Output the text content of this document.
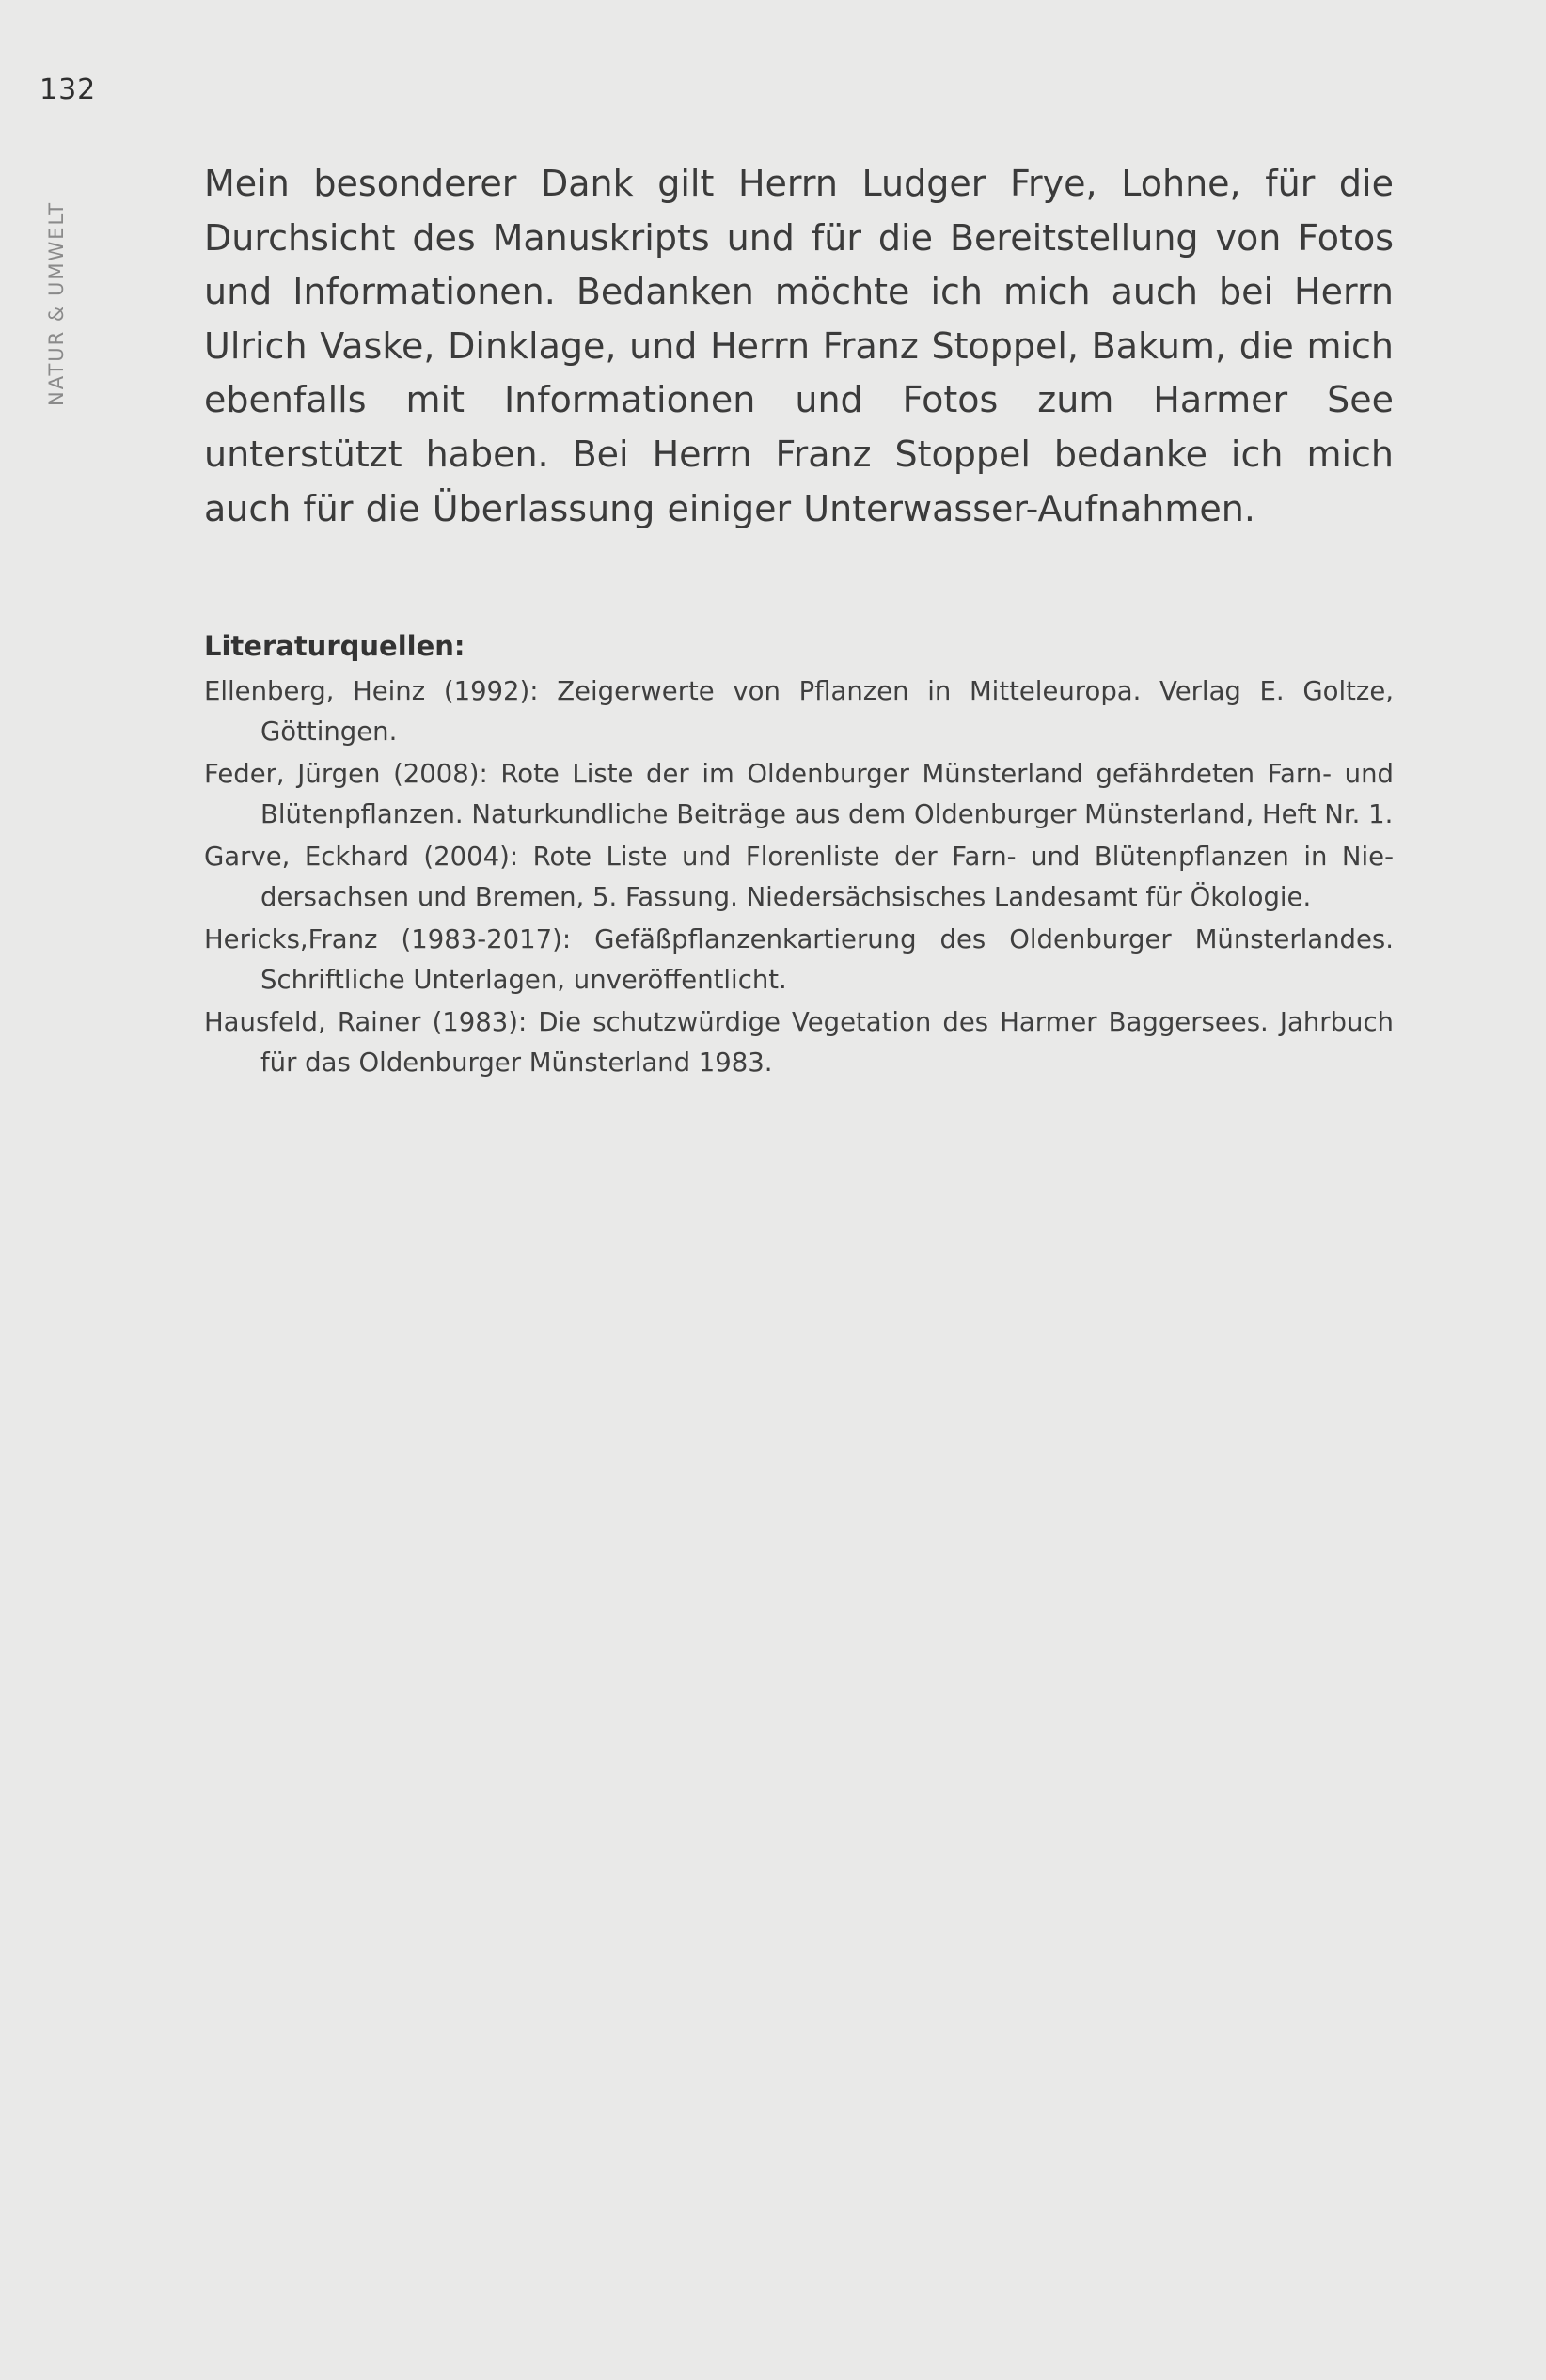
132
NATUR & UMWELT
Mein besonderer Dank gilt Herrn Ludger Frye, Lohne, für die Durchsicht des Manuskripts und für die Bereitstellung von Fotos und Informationen. Bedanken möchte ich mich auch bei Herrn Ulrich Vaske, Dinklage, und Herrn Franz Stoppel, Bakum, die mich ebenfalls mit Informationen und Fotos zum Harmer See unterstützt haben. Bei Herrn Franz Stoppel bedanke ich mich auch für die Überlassung einiger Unterwasser-Aufnahmen.
Literaturquellen:
Ellenberg, Heinz (1992): Zeigerwerte von Pflanzen in Mitteleuropa. Verlag E. Goltze, Göttingen.
Feder, Jürgen (2008): Rote Liste der im Oldenburger Münsterland gefährdeten Farn- und Blütenpflanzen. Naturkundliche Beiträge aus dem Oldenburger Münsterland, Heft Nr. 1.
Garve, Eckhard (2004): Rote Liste und Florenliste der Farn- und Blütenpflanzen in Niedersachsen und Bremen, 5. Fassung. Niedersächsisches Landesamt für Ökologie.
Hericks,Franz (1983-2017): Gefäßpflanzenkartierung des Oldenburger Münsterlandes. Schriftliche Unterlagen, unveröffentlicht.
Hausfeld, Rainer (1983): Die schutzwürdige Vegetation des Harmer Baggersees. Jahrbuch für das Oldenburger Münsterland 1983.
